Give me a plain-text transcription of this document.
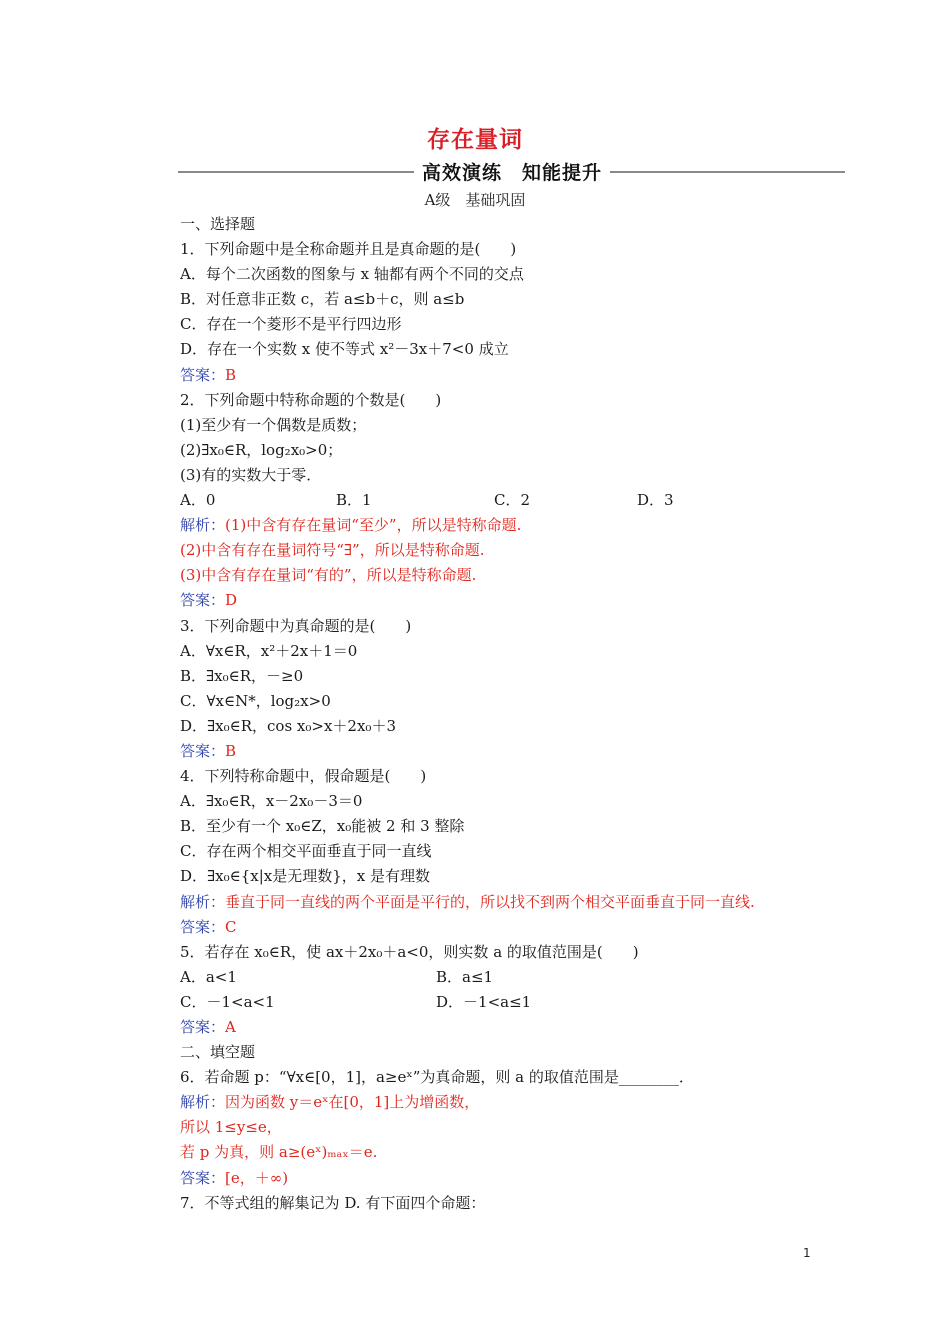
存在量词
高效演练　知能提升
A级　基础巩固
一、选择题
1．下列命题中是全称命题并且是真命题的是(　　)
A．每个二次函数的图象与 x 轴都有两个不同的交点
B．对任意非正数 c，若 a≤b＋c，则 a≤b
C．存在一个菱形不是平行四边形
D．存在一个实数 x 使不等式 x²－3x＋7<0 成立
答案：B
2．下列命题中特称命题的个数是(　　)
(1)至少有一个偶数是质数；
(2)∃x₀∈R，log₂x₀>0；
(3)有的实数大于零．

A．0

	B．1

	C．2

	D．3

解析：(1)中含有存在量词“至少”，所以是特称命题.
(2)中含有存在量词符号“∃”，所以是特称命题.
(3)中含有存在量词“有的”，所以是特称命题.
答案：D
3．下列命题中为真命题的是(　　)
A．∀x∈R，x²＋2x＋1＝0
B．∃x₀∈R，－≥0
C．∀x∈N*，log₂x>0
D．∃x₀∈R，cos x₀>x＋2x₀＋3
答案：B
4．下列特称命题中，假命题是(　　)
A．∃x₀∈R，x－2x₀－3＝0
B．至少有一个 x₀∈Z，x₀能被 2 和 3 整除
C．存在两个相交平面垂直于同一直线
D．∃x₀∈{x|x是无理数}，x 是有理数
解析：垂直于同一直线的两个平面是平行的，所以找不到两个相交平面垂直于同一直线.
答案：C
5．若存在 x₀∈R，使 ax＋2x₀＋a<0，则实数 a 的取值范围是(　　)

A．a<1

	B．a≤1

C．－1<a<1

	D．－1<a≤1

答案：A
二、填空题
6．若命题 p：“∀x∈[0，1]，a≥eˣ”为真命题，则 a 的取值范围是________．
解析：因为函数 y＝eˣ在[0，1]上为增函数，
所以 1≤y≤e，
若 p 为真，则 a≥(eˣ)ₘₐₓ＝e.
答案：[e，＋∞)
7．不等式组的解集记为 D. 有下面四个命题：
1
